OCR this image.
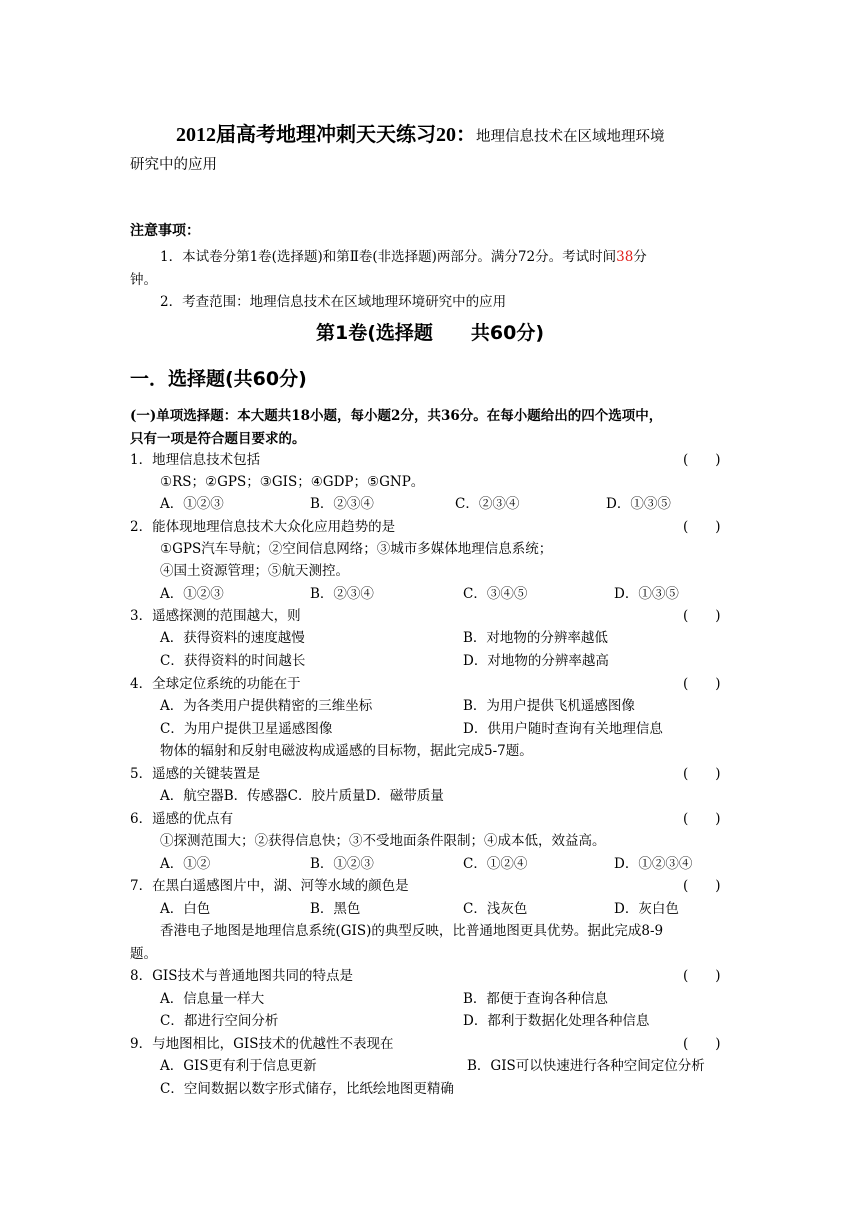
2012届高考地理冲刺天天练习20：地理信息技术在区域地理环境
研究中的应用
注意事项：
1．本试卷分第1卷(选择题)和第Ⅱ卷(非选择题)两部分。满分72分。考试时间38分
钟。
2．考查范围：地理信息技术在区域地理环境研究中的应用
第1卷(选择题　　共60分)
一．选择题(共60分)
(一)单项选择题：本大题共18小题，每小题2分，共36分。在每小题给出的四个选项中，
只有一项是符合题目要求的。
1．地理信息技术包括	(　　)
①RS；②GPS；③GIS；④GDP；⑤GNP。
A．①②③	B．②③④	C．②③④	D．①③⑤
2．能体现地理信息技术大众化应用趋势的是	(　　)
①GPS汽车导航；②空间信息网络；③城市多媒体地理信息系统；
④国土资源管理；⑤航天测控。
A．①②③	B．②③④	C．③④⑤	D．①③⑤
3．遥感探测的范围越大，则	(　　)
A．获得资料的速度越慢	B．对地物的分辨率越低
C．获得资料的时间越长	D．对地物的分辨率越高
4．全球定位系统的功能在于	(　　)
A．为各类用户提供精密的三维坐标	B．为用户提供飞机遥感图像
C．为用户提供卫星遥感图像	D．供用户随时查询有关地理信息
物体的辐射和反射电磁波构成遥感的目标物，据此完成5-7题。
5．遥感的关键装置是	(　　)
A．航空器B．传感器C．胶片质量D．磁带质量
6．遥感的优点有	(　　)
①探测范围大；②获得信息快；③不受地面条件限制；④成本低，效益高。
A．①②	B．①②③	C．①②④	D．①②③④
7．在黑白遥感图片中，湖、河等水域的颜色是	(　　)
A．白色	B．黑色	C．浅灰色	D．灰白色
香港电子地图是地理信息系统(GIS)的典型反映，比普通地图更具优势。据此完成8-9
题。
8．GIS技术与普通地图共同的特点是	(　　)
A．信息量一样大	B．都便于查询各种信息
C．都进行空间分析	D．都利于数据化处理各种信息
9．与地图相比，GIS技术的优越性不表现在	(　　)
A．GIS更有利于信息更新	B．GIS可以快速进行各种空间定位分析
C．空间数据以数字形式储存，比纸绘地图更精确
